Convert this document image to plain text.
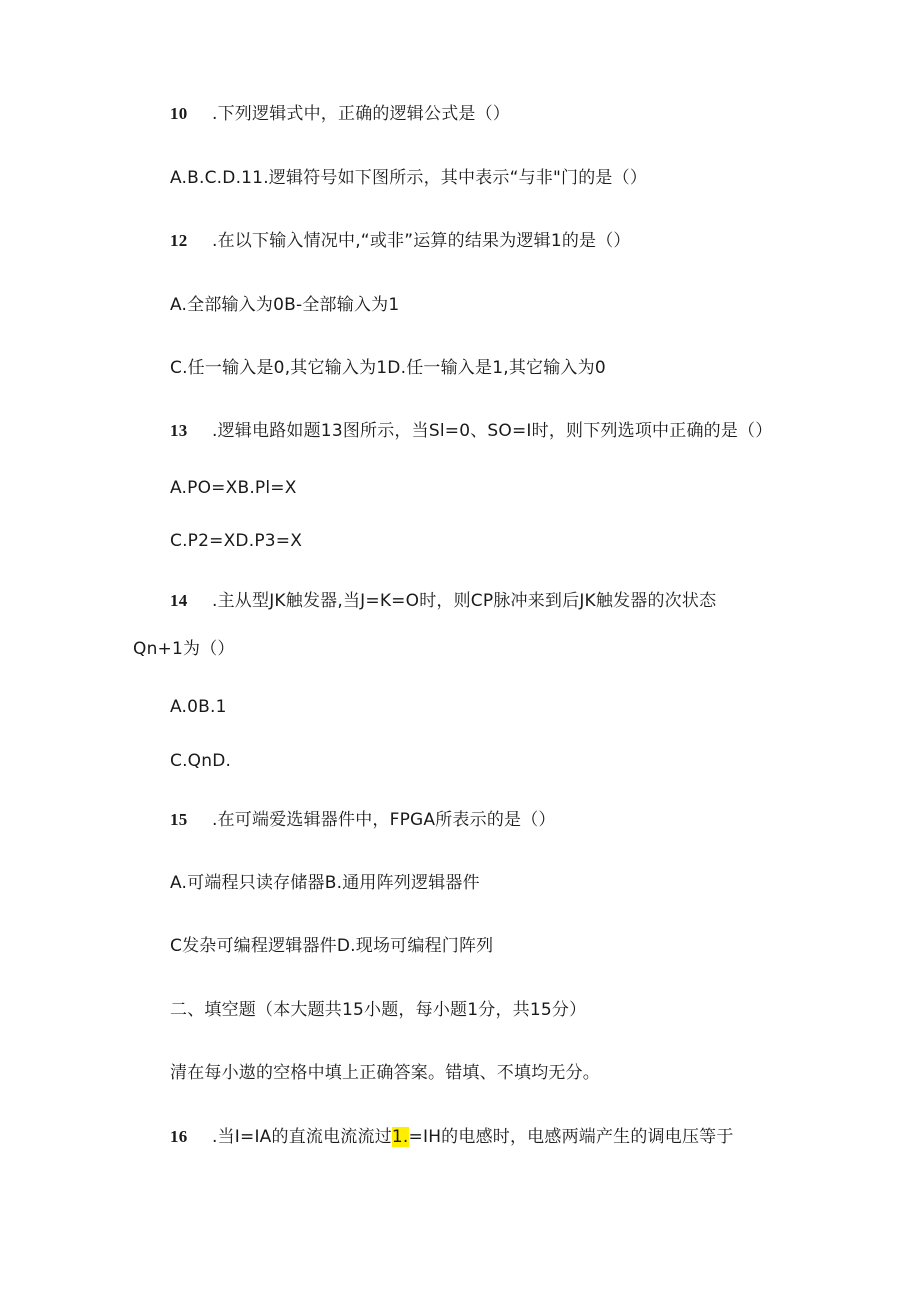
10 .下列逻辑式中，正确的逻辑公式是（）
A.B.C.D.11.逻辑符号如下图所示，其中表示“与非"门的是（）
12 .在以下输入情况中,“或非”运算的结果为逻辑1的是（）
A.全部输入为0B-全部输入为1
C.任一输入是0,其它输入为1D.任一输入是1,其它输入为0
13 .逻辑电路如题13图所示，当Sl=0、SO=I时，则下列选项中正确的是（）
A.PO=XB.Pl=X
C.P2=XD.P3=X
14 .主从型JK触发器,当J=K=O时，则CP脉冲来到后JK触发器的次状态
Qn+1为（）
A.0B.1
C.QnD.
15 .在可端爱选辑器件中，FPGA所表示的是（）
A.可端程只读存储器B.通用阵列逻辑器件
C发杂可编程逻辑器件D.现场可编程门阵列
二、填空题（本大题共15小题，每小题1分，共15分）
清在每小遨的空格中填上正确答案。错填、不填均无分。
16 .当I=IA的直流电流流过1.=IH的电感时，电感两端产生的调电压等于
